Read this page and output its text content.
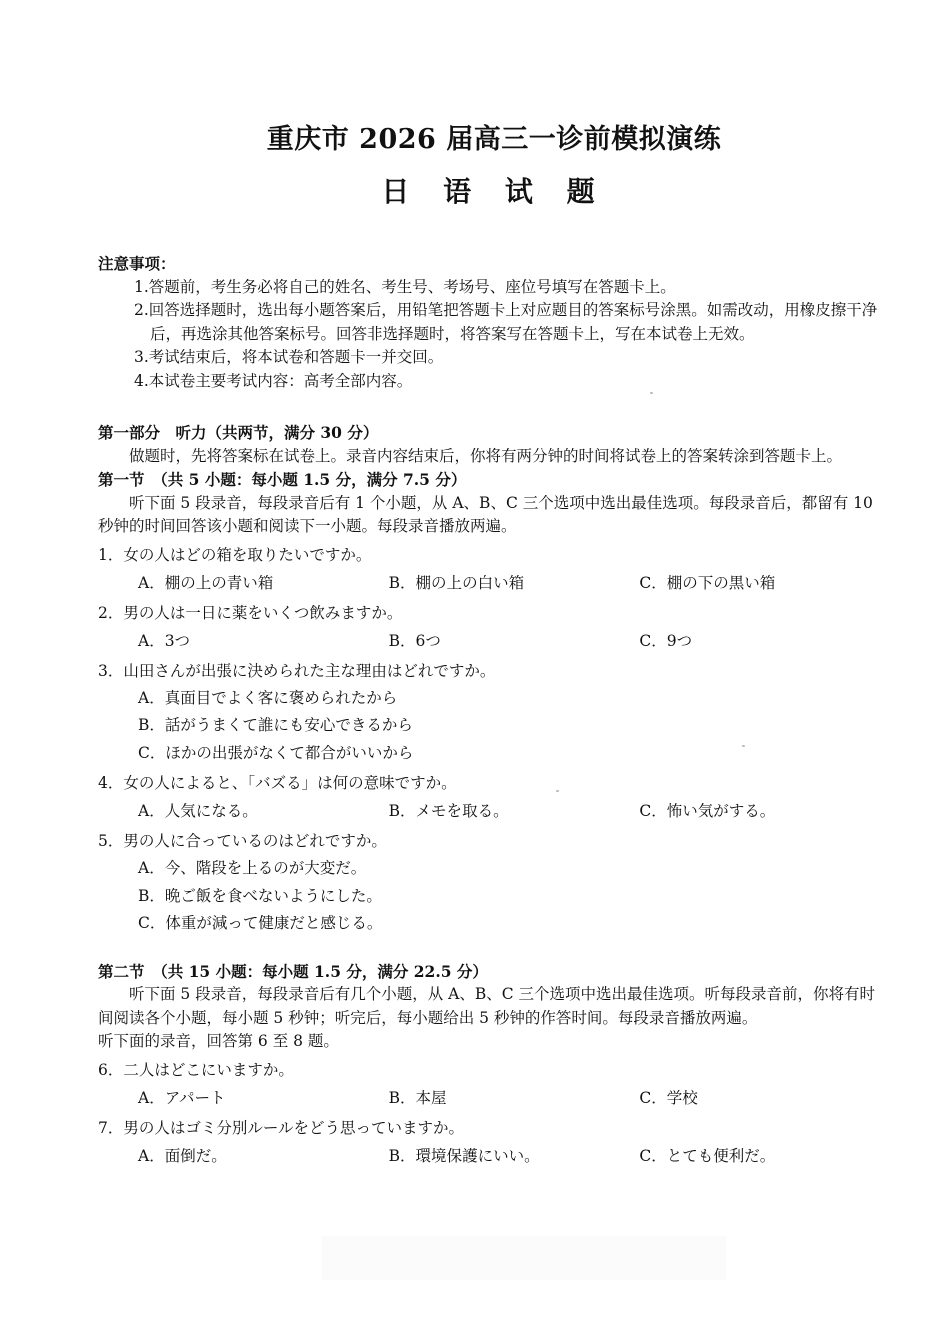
重庆市 2026 届高三一诊前模拟演练
日 语 试 题
注意事项：
1.答题前，考生务必将自己的姓名、考生号、考场号、座位号填写在答题卡上。
2.回答选择题时，选出每小题答案后，用铅笔把答题卡上对应题目的答案标号涂黑。如需改动，用橡皮擦干净后，再选涂其他答案标号。回答非选择题时，将答案写在答题卡上，写在本试卷上无效。
3.考试结束后，将本试卷和答题卡一并交回。
4.本试卷主要考试内容：高考全部内容。
第一部分　听力（共两节，满分 30 分）
做题时，先将答案标在试卷上。录音内容结束后，你将有两分钟的时间将试卷上的答案转涂到答题卡上。
第一节　（共 5 小题：每小题 1.5 分，满分 7.5 分）
听下面 5 段录音，每段录音后有 1 个小题，从 A、B、C 三个选项中选出最佳选项。每段录音后，都留有 10 秒钟的时间回答该小题和阅读下一小题。每段录音播放两遍。
1．女の人はどの箱を取りたいですか。
A．棚の上の青い箱	B．棚の上の白い箱	C．棚の下の黒い箱
2．男の人は一日に薬をいくつ飲みますか。
A．3つ	B．6つ	C．9つ
3．山田さんが出張に決められた主な理由はどれですか。
A．真面目でよく客に褒められたから
B．話がうまくて誰にも安心できるから
C．ほかの出張がなくて都合がいいから
4．女の人によると、「バズる」は何の意味ですか。
A．人気になる。	B．メモを取る。	C．怖い気がする。
5．男の人に合っているのはどれですか。
A．今、階段を上るのが大変だ。
B．晩ご飯を食べないようにした。
C．体重が減って健康だと感じる。
第二节　（共 15 小题：每小题 1.5 分，满分 22.5 分）
听下面 5 段录音，每段录音后有几个小题，从 A、B、C 三个选项中选出最佳选项。听每段录音前，你将有时间阅读各个小题，每小题 5 秒钟；听完后，每小题给出 5 秒钟的作答时间。每段录音播放两遍。
听下面的录音，回答第 6 至 8 题。
6．二人はどこにいますか。
A．アパート	B．本屋	C．学校
7．男の人はゴミ分別ルールをどう思っていますか。
A．面倒だ。	B．環境保護にいい。	C．とても便利だ。
